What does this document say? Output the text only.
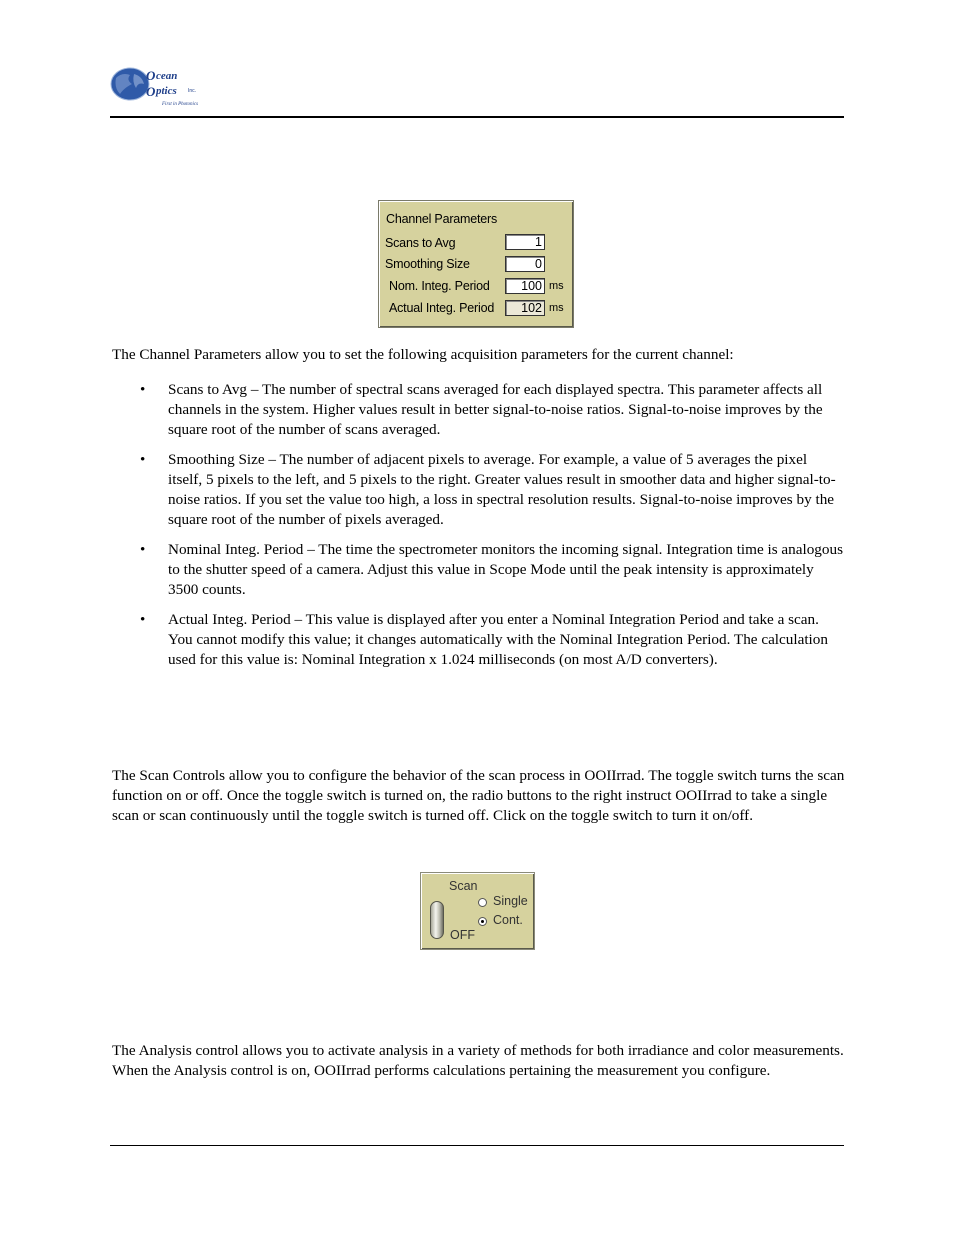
O
O
cean
ptics Inc.
First in Photonics
Channel Parameters
Scans to Avg	1
Smoothing Size	0
Nom. Integ. Period	100 ms
Actual Integ. Period	102 ms
The Channel Parameters allow you to set the following acquisition parameters for the current channel:
• Scans to Avg – The number of spectral scans averaged for each displayed spectra. This parameter affects all channels in the system. Higher values result in better signal-to-noise ratios. Signal-to-noise improves by the square root of the number of scans averaged.
• Smoothing Size – The number of adjacent pixels to average. For example, a value of 5 averages the pixel itself, 5 pixels to the left, and 5 pixels to the right. Greater values result in smoother data and higher signal-to-noise ratios. If you set the value too high, a loss in spectral resolution results. Signal-to-noise improves by the square root of the number of pixels averaged.
• Nominal Integ. Period – The time the spectrometer monitors the incoming signal. Integration time is analogous to the shutter speed of a camera. Adjust this value in Scope Mode until the peak intensity is approximately 3500 counts.
• Actual Integ. Period – This value is displayed after you enter a Nominal Integration Period and take a scan. You cannot modify this value; it changes automatically with the Nominal Integration Period. The calculation used for this value is: Nominal Integration x 1.024 milliseconds (on most A/D converters).
The Scan Controls allow you to configure the behavior of the scan process in OOIIrrad. The toggle switch turns the scan function on or off. Once the toggle switch is turned on, the radio buttons to the right instruct OOIIrrad to take a single scan or scan continuously until the toggle switch is turned off. Click on the toggle switch to turn it on/off.
Scan
Single
Cont.
OFF
The Analysis control allows you to activate analysis in a variety of methods for both irradiance and color measurements. When the Analysis control is on, OOIIrrad performs calculations pertaining the measurement you configure.
